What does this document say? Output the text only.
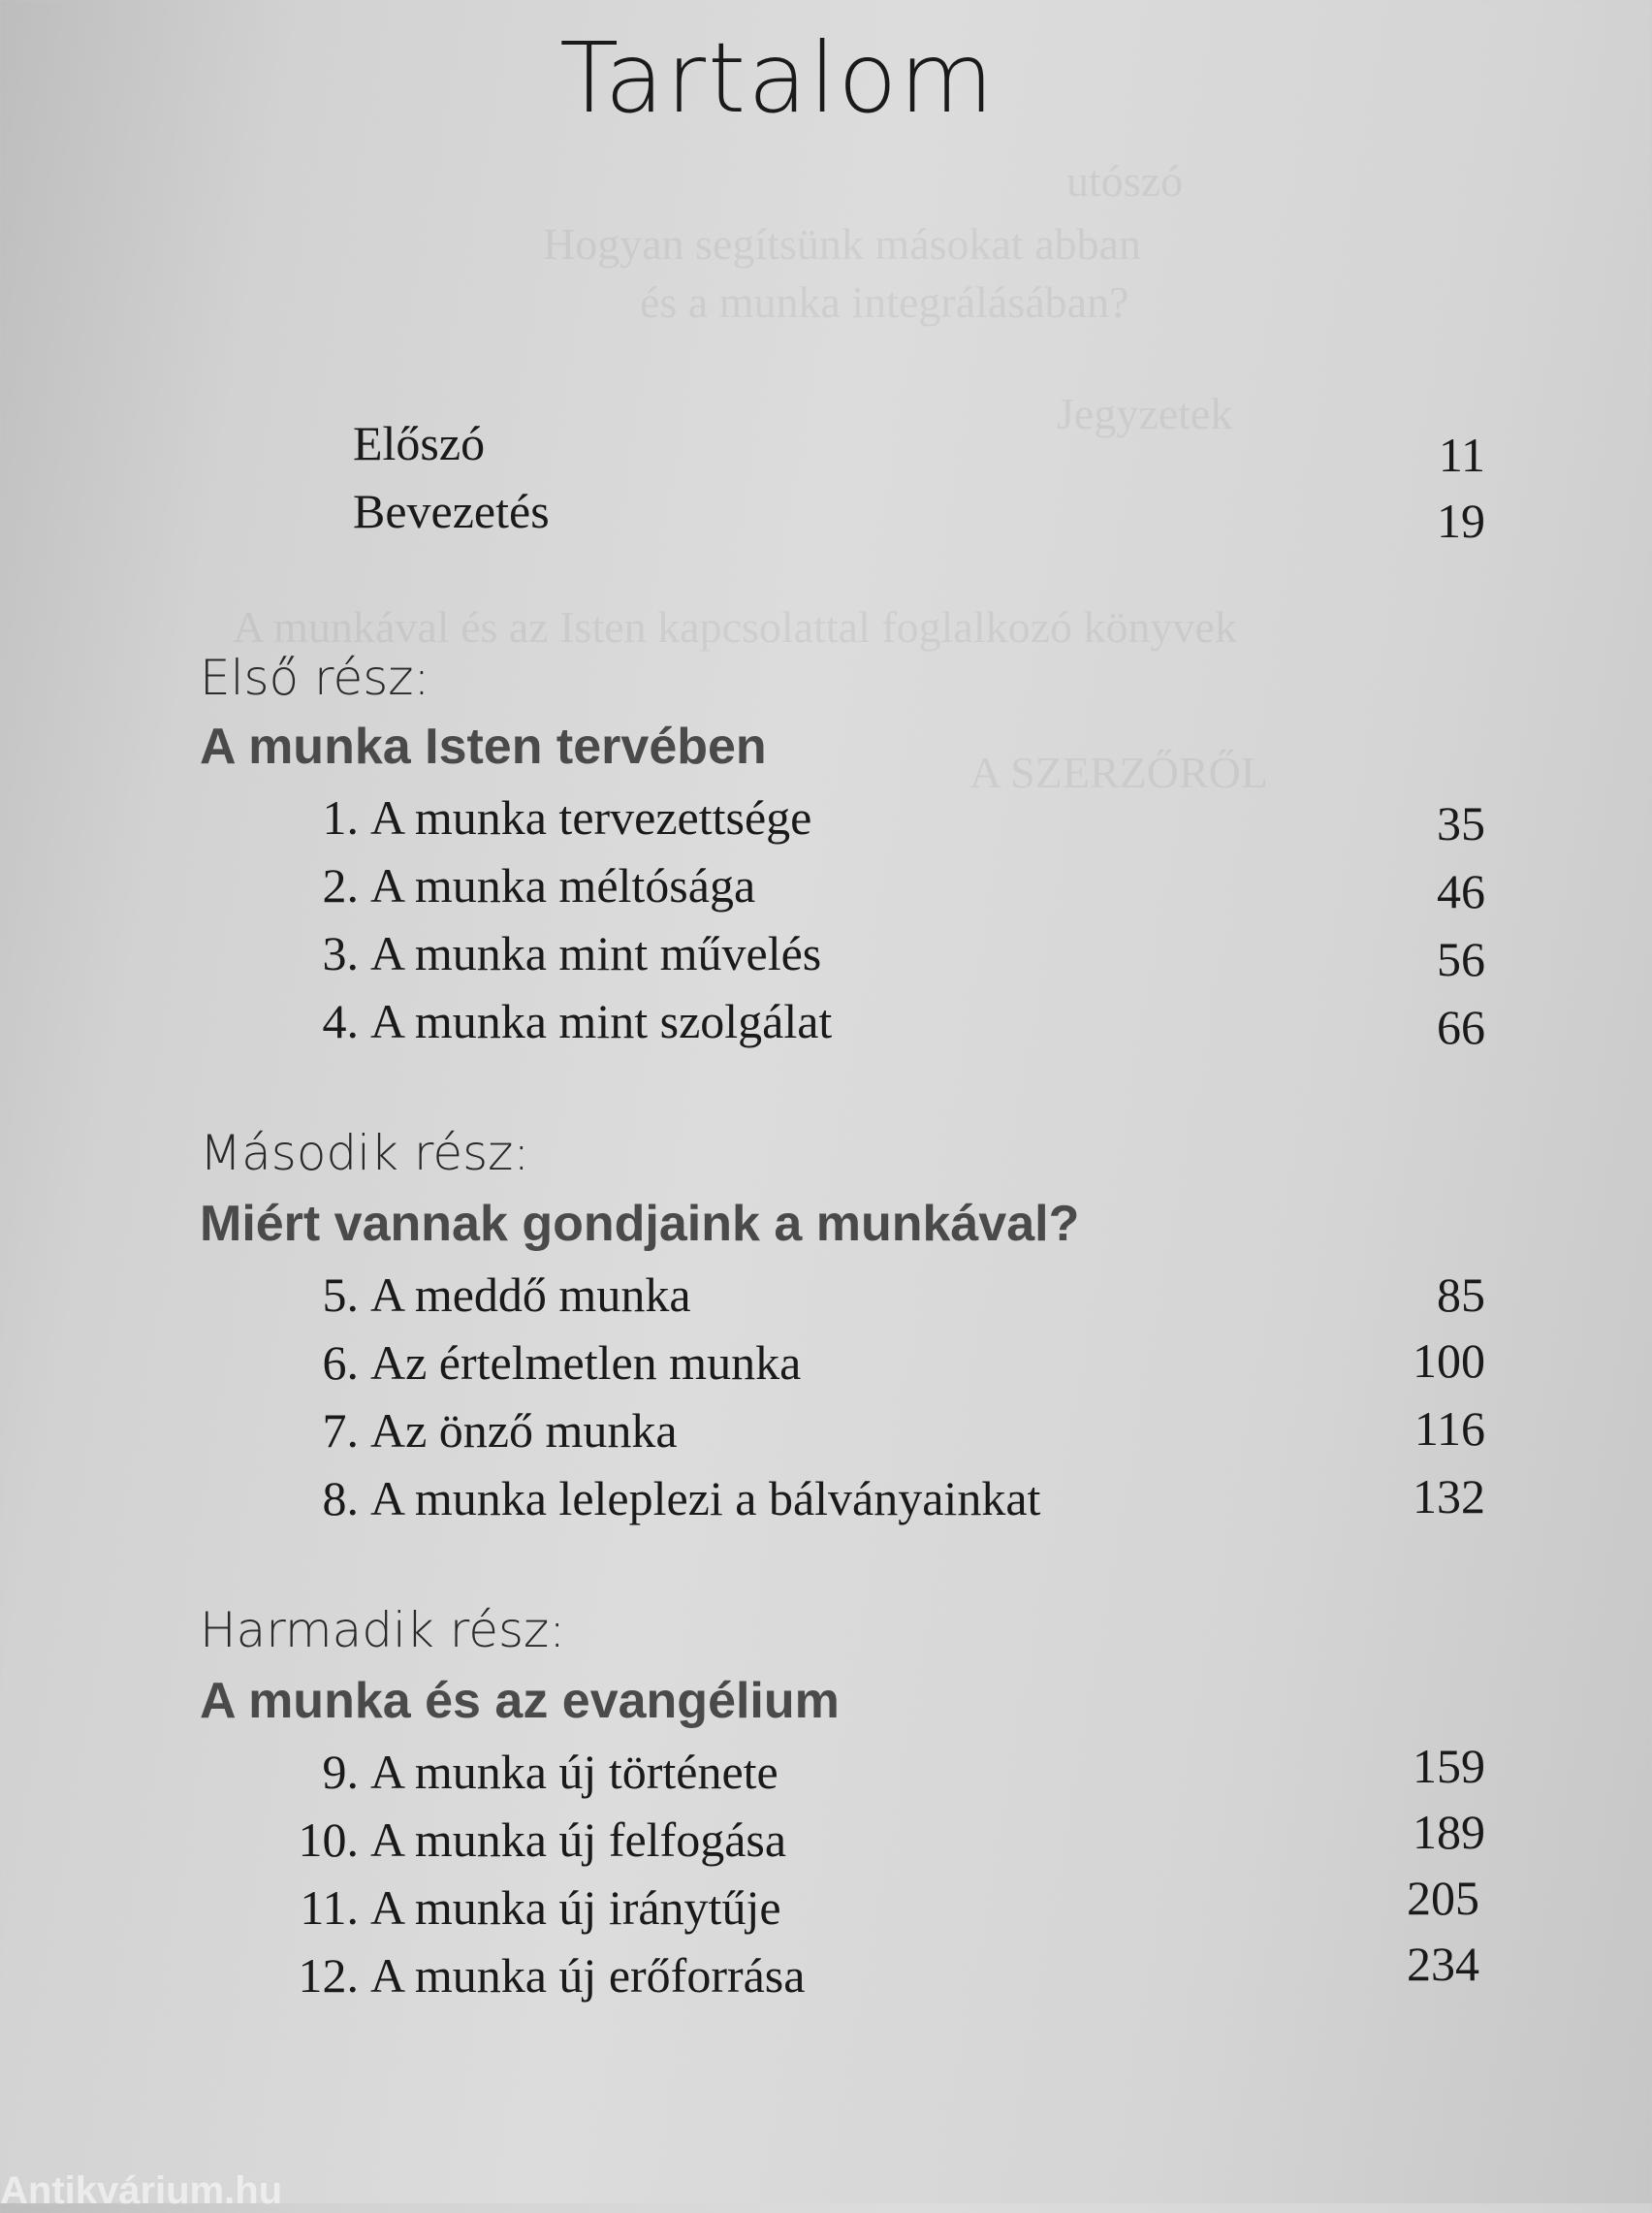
utószó
Hogyan segítsünk másokat abban
és a munka integrálásában?
Jegyzetek
A munkával és az Isten kapcsolattal foglalkozó könyvek
A SZERZŐRŐL
Tartalom
Előszó	11
Bevezetés	19
Első rész:
A munka Isten tervében
1. A munka tervezettsége	35
2. A munka méltósága	46
3. A munka mint művelés	56
4. A munka mint szolgálat	66
Második rész:
Miért vannak gondjaink a munkával?
5. A meddő munka	85
6. Az értelmetlen munka	100
7. Az önző munka	116
8. A munka leleplezi a bálványainkat	132
Harmadik rész:
A munka és az evangélium
9. A munka új története	159
10. A munka új felfogása	189
11. A munka új iránytűje	205
12. A munka új erőforrása	234
Antikvárium.hu
